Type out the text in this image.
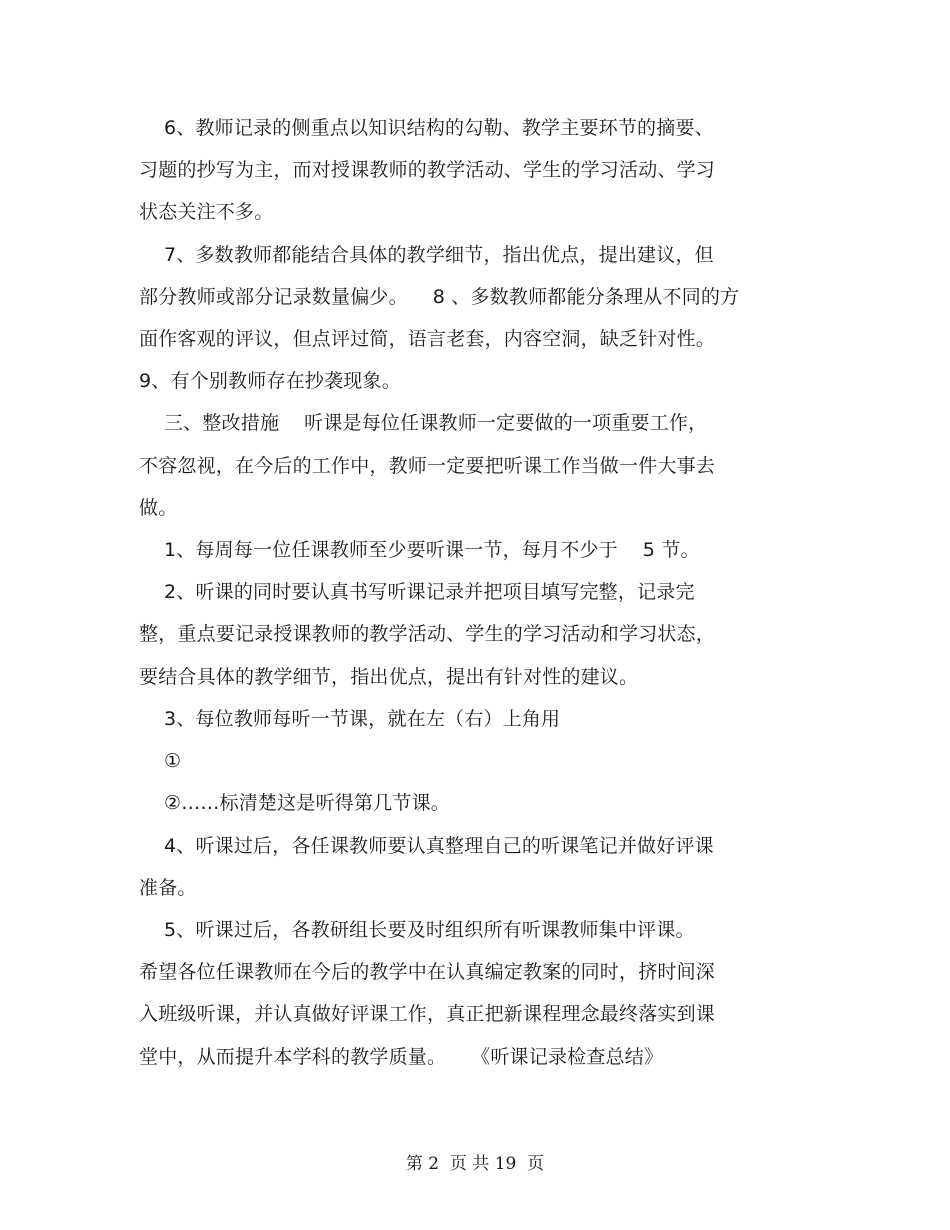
6、教师记录的侧重点以知识结构的勾勒、教学主要环节的摘要、

习题的抄写为主，而对授课教师的教学活动、学生的学习活动、学习

状态关注不多。

7、多数教师都能结合具体的教学细节，指出优点，提出建议，但

部分教师或部分记录数量偏少。    8 、多数教师都能分条理从不同的方

面作客观的评议，但点评过简，语言老套，内容空洞，缺乏针对性。

9、有个别教师存在抄袭现象。

三、整改措施    听课是每位任课教师一定要做的一项重要工作，

不容忽视，在今后的工作中，教师一定要把听课工作当做一件大事去

做。

1、每周每一位任课教师至少要听课一节，每月不少于    5 节。

2、听课的同时要认真书写听课记录并把项目填写完整，记录完

整，重点要记录授课教师的教学活动、学生的学习活动和学习状态，

要结合具体的教学细节，指出优点，提出有针对性的建议。

3、每位教师每听一节课，就在左（右）上角用

①

②……标清楚这是听得第几节课。

4、听课过后，各任课教师要认真整理自己的听课笔记并做好评课

准备。

5、听课过后，各教研组长要及时组织所有听课教师集中评课。

希望各位任课教师在今后的教学中在认真编定教案的同时，挤时间深

入班级听课，并认真做好评课工作，真正把新课程理念最终落实到课

堂中，从而提升本学科的教学质量。    《听课记录检查总结》

第 2  页 共 19  页
